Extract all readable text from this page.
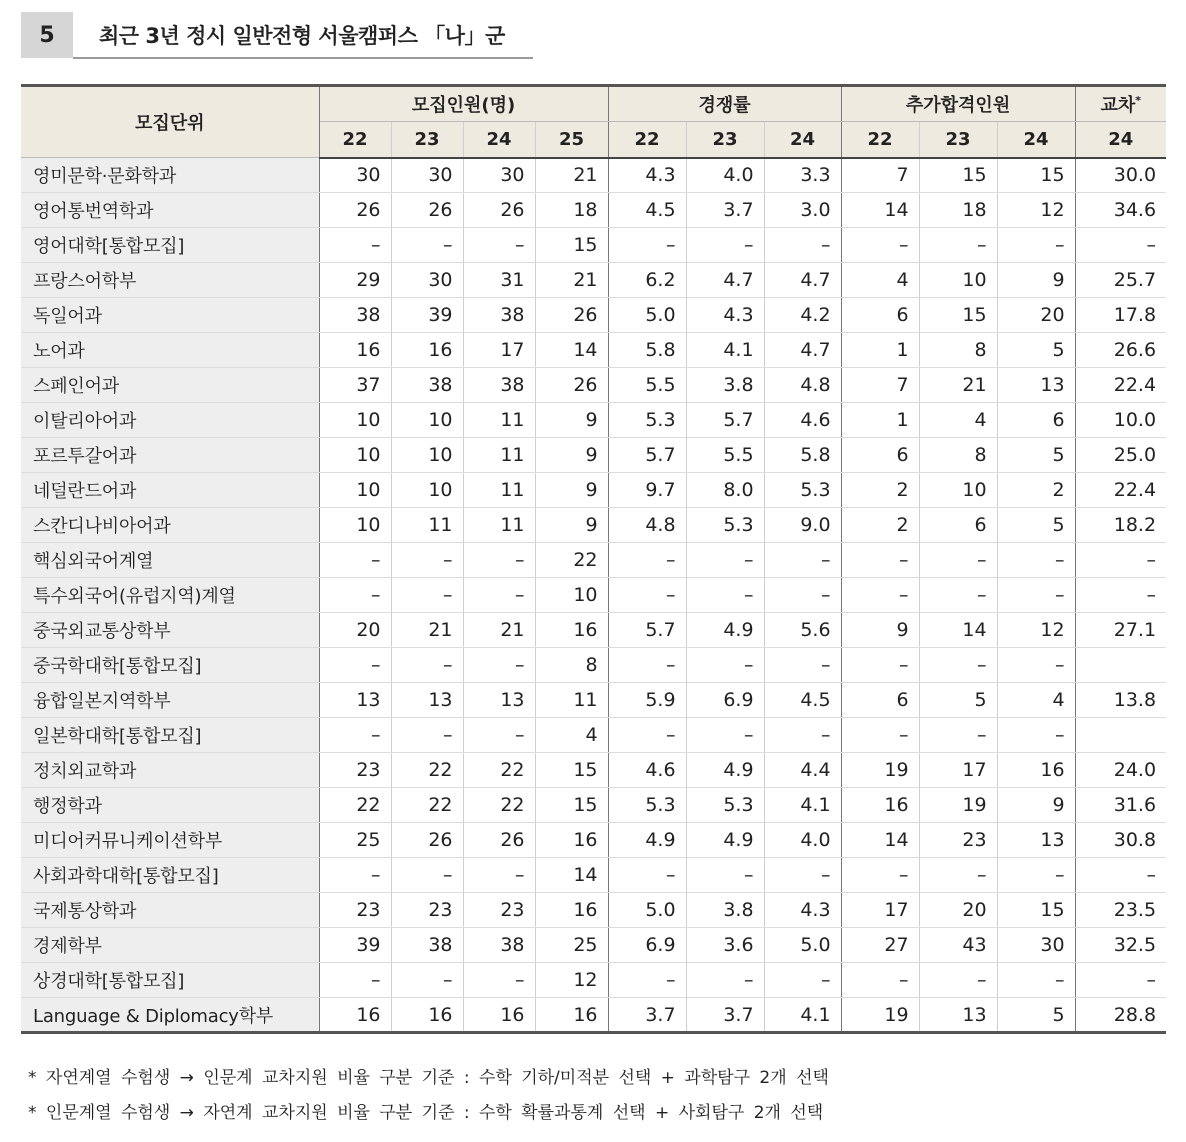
5	최근 3년 정시 일반전형 서울캠퍼스 「나」군
모집단위	모집인원(명)				경쟁률			추가합격인원			교차*
	22	23	24	25	22	23	24	22	23	24	24
영미문학·문화학과	30	30	30	21	4.3	4.0	3.3	7	15	15	30.0
영어통번역학과	26	26	26	18	4.5	3.7	3.0	14	18	12	34.6
영어대학[통합모집]	–	–	–	15	–	–	–	–	–	–	–
프랑스어학부	29	30	31	21	6.2	4.7	4.7	4	10	9	25.7
독일어과	38	39	38	26	5.0	4.3	4.2	6	15	20	17.8
노어과	16	16	17	14	5.8	4.1	4.7	1	8	5	26.6
스페인어과	37	38	38	26	5.5	3.8	4.8	7	21	13	22.4
이탈리아어과	10	10	11	9	5.3	5.7	4.6	1	4	6	10.0
포르투갈어과	10	10	11	9	5.7	5.5	5.8	6	8	5	25.0
네덜란드어과	10	10	11	9	9.7	8.0	5.3	2	10	2	22.4
스칸디나비아어과	10	11	11	9	4.8	5.3	9.0	2	6	5	18.2
핵심외국어계열	–	–	–	22	–	–	–	–	–	–	–
특수외국어(유럽지역)계열	–	–	–	10	–	–	–	–	–	–	–
중국외교통상학부	20	21	21	16	5.7	4.9	5.6	9	14	12	27.1
중국학대학[통합모집]	–	–	–	8	–	–	–	–	–	–	
융합일본지역학부	13	13	13	11	5.9	6.9	4.5	6	5	4	13.8
일본학대학[통합모집]	–	–	–	4	–	–	–	–	–	–	
정치외교학과	23	22	22	15	4.6	4.9	4.4	19	17	16	24.0
행정학과	22	22	22	15	5.3	5.3	4.1	16	19	9	31.6
미디어커뮤니케이션학부	25	26	26	16	4.9	4.9	4.0	14	23	13	30.8
사회과학대학[통합모집]	–	–	–	14	–	–	–	–	–	–	–
국제통상학과	23	23	23	16	5.0	3.8	4.3	17	20	15	23.5
경제학부	39	38	38	25	6.9	3.6	5.0	27	43	30	32.5
상경대학[통합모집]	–	–	–	12	–	–	–	–	–	–	–
Language & Diplomacy학부	16	16	16	16	3.7	3.7	4.1	19	13	5	28.8
* 자연계열 수험생 → 인문계 교차지원 비율 구분 기준 : 수학 기하/미적분 선택 + 과학탐구 2개 선택
* 인문계열 수험생 → 자연계 교차지원 비율 구분 기준 : 수학 확률과통계 선택 + 사회탐구 2개 선택
